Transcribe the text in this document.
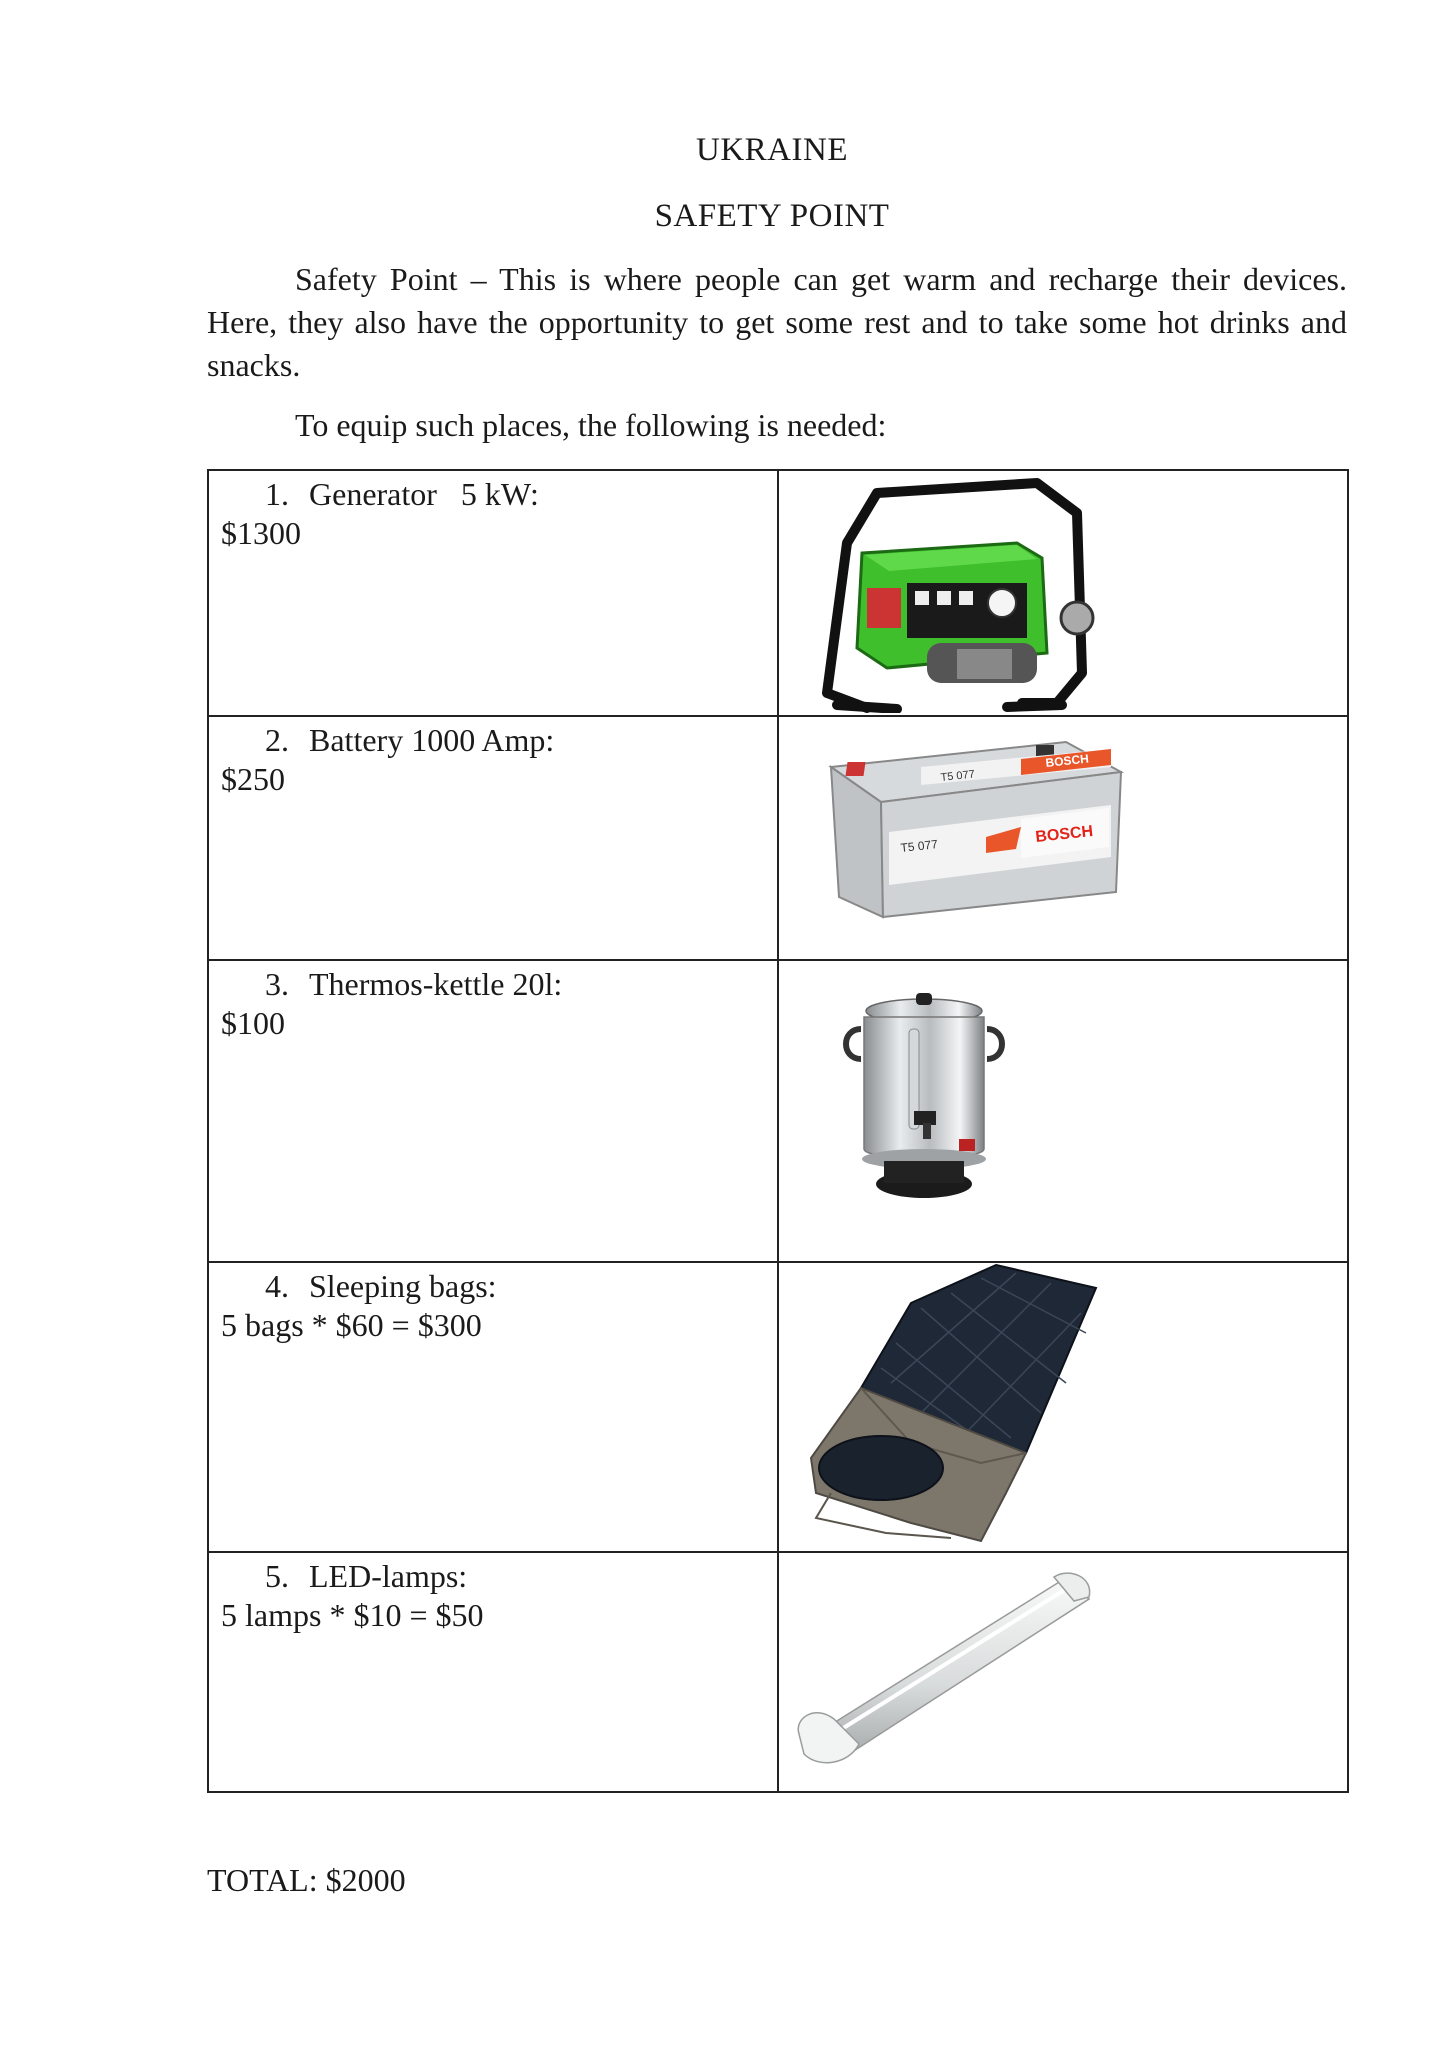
UKRAINE
SAFETY POINT
Safety Point – This is where people can get warm and recharge their devices. Here, they also have the opportunity to get some rest and to take some hot drinks and snacks.
To equip such places, the following is needed:
1. Generator   5 kW:
$1300

2. Battery 1000 Amp:
$250	BOSCH
T5 077
BOSCH
T5 077

3. Thermos-kettle 20l:
$100

4. Sleeping bags:
5 bags * $60 = $300

5. LED-lamps:
5 lamps * $10 = $50

TOTAL: $2000
